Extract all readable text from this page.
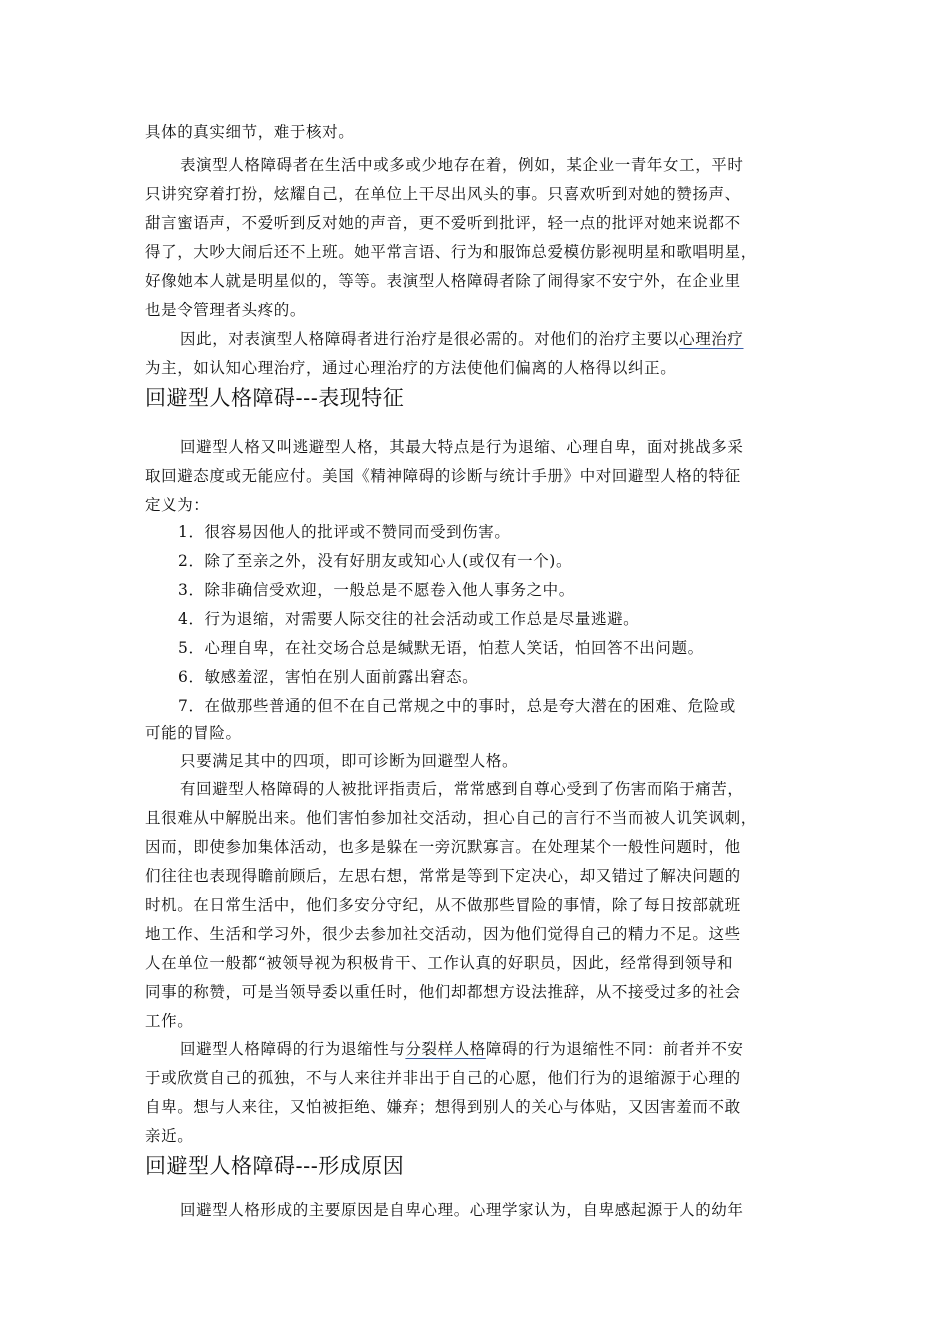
具体的真实细节，难于核对。
表演型人格障碍者在生活中或多或少地存在着，例如，某企业一青年女工，平时
只讲究穿着打扮，炫耀自己，在单位上干尽出风头的事。只喜欢听到对她的赞扬声、
甜言蜜语声，不爱听到反对她的声音，更不爱听到批评，轻一点的批评对她来说都不
得了，大吵大闹后还不上班。她平常言语、行为和服饰总爱模仿影视明星和歌唱明星，
好像她本人就是明星似的，等等。表演型人格障碍者除了闹得家不安宁外，在企业里
也是令管理者头疼的。
因此，对表演型人格障碍者进行治疗是很必需的。对他们的治疗主要以心理治疗
为主，如认知心理治疗，通过心理治疗的方法使他们偏离的人格得以纠正。
回避型人格障碍---表现特征
回避型人格又叫逃避型人格，其最大特点是行为退缩、心理自卑，面对挑战多采
取回避态度或无能应付。美国《精神障碍的诊断与统计手册》中对回避型人格的特征
定义为：
1．很容易因他人的批评或不赞同而受到伤害。
2．除了至亲之外，没有好朋友或知心人(或仅有一个)。
3．除非确信受欢迎，一般总是不愿卷入他人事务之中。
4．行为退缩，对需要人际交往的社会活动或工作总是尽量逃避。
5．心理自卑，在社交场合总是缄默无语，怕惹人笑话，怕回答不出问题。
6．敏感羞涩，害怕在别人面前露出窘态。
7．在做那些普通的但不在自己常规之中的事时，总是夸大潜在的困难、危险或
可能的冒险。
只要满足其中的四项，即可诊断为回避型人格。
有回避型人格障碍的人被批评指责后，常常感到自尊心受到了伤害而陷于痛苦，
且很难从中解脱出来。他们害怕参加社交活动，担心自己的言行不当而被人讥笑讽刺，
因而，即使参加集体活动，也多是躲在一旁沉默寡言。在处理某个一般性问题时，他
们往往也表现得瞻前顾后，左思右想，常常是等到下定决心，却又错过了解决问题的
时机。在日常生活中，他们多安分守纪，从不做那些冒险的事情，除了每日按部就班
地工作、生活和学习外，很少去参加社交活动，因为他们觉得自己的精力不足。这些
人在单位一般都“被领导视为积极肯干、工作认真的好职员，因此，经常得到领导和
同事的称赞，可是当领导委以重任时，他们却都想方设法推辞，从不接受过多的社会
工作。
回避型人格障碍的行为退缩性与分裂样人格障碍的行为退缩性不同：前者并不安
于或欣赏自己的孤独，不与人来往并非出于自己的心愿，他们行为的退缩源于心理的
自卑。想与人来往，又怕被拒绝、嫌弃；想得到别人的关心与体贴，又因害羞而不敢
亲近。
回避型人格障碍---形成原因
回避型人格形成的主要原因是自卑心理。心理学家认为，自卑感起源于人的幼年
